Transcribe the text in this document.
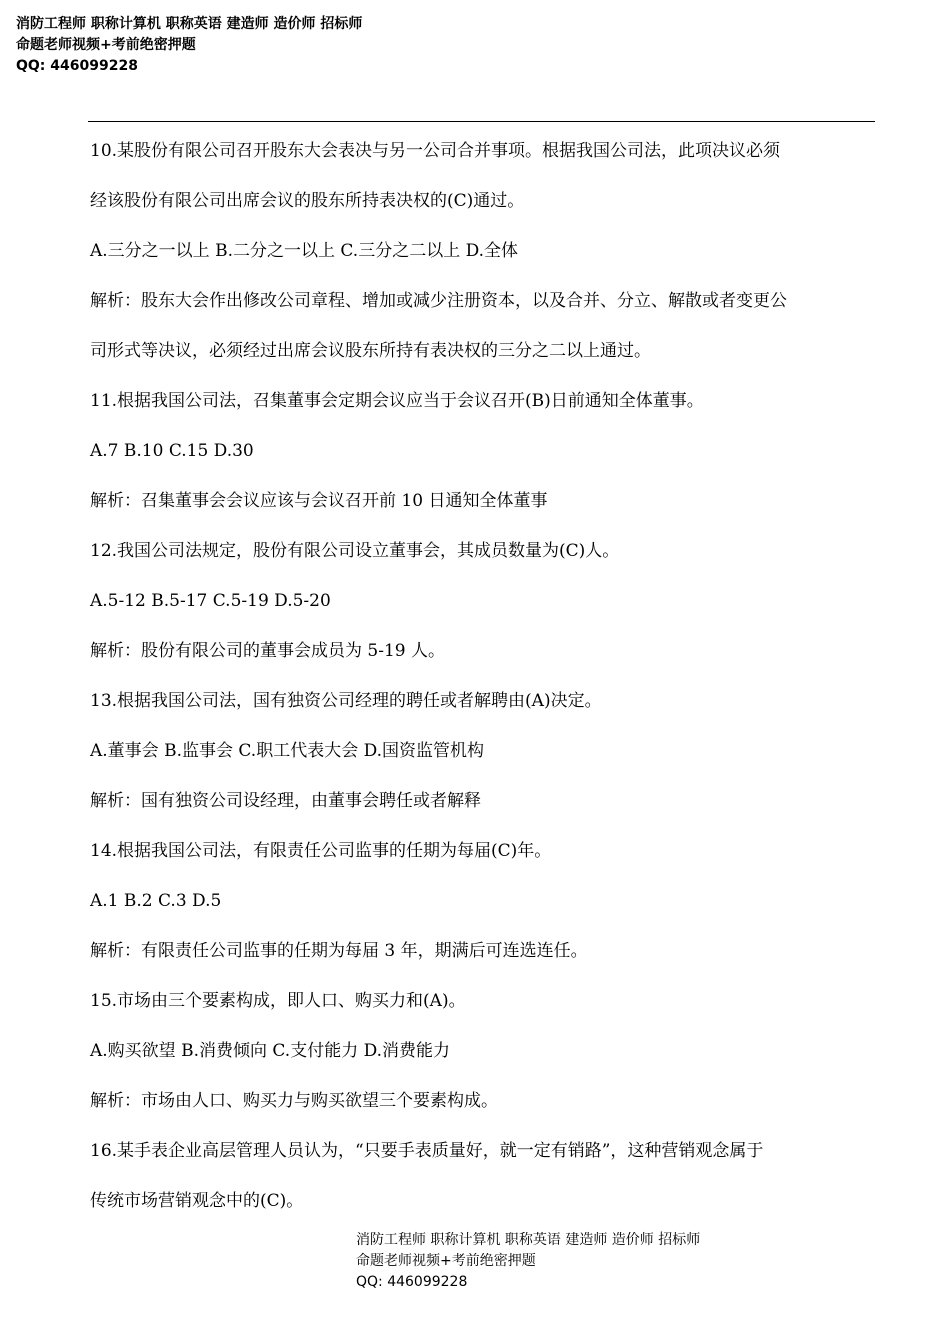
消防工程师 职称计算机 职称英语 建造师 造价师 招标师
命题老师视频+考前绝密押题
QQ: 446099228

10.某股份有限公司召开股东大会表决与另一公司合并事项。根据我国公司法，此项决议必须

经该股份有限公司出席会议的股东所持表决权的(C)通过。

A.三分之一以上 B.二分之一以上 C.三分之二以上 D.全体

解析：股东大会作出修改公司章程、增加或减少注册资本，以及合并、分立、解散或者变更公

司形式等决议，必须经过出席会议股东所持有表决权的三分之二以上通过。

11.根据我国公司法，召集董事会定期会议应当于会议召开(B)日前通知全体董事。

A.7 B.10 C.15 D.30

解析：召集董事会会议应该与会议召开前 10 日通知全体董事

12.我国公司法规定，股份有限公司设立董事会，其成员数量为(C)人。

A.5-12 B.5-17 C.5-19 D.5-20

解析：股份有限公司的董事会成员为 5-19 人。

13.根据我国公司法，国有独资公司经理的聘任或者解聘由(A)决定。

A.董事会 B.监事会 C.职工代表大会 D.国资监管机构

解析：国有独资公司设经理，由董事会聘任或者解释

14.根据我国公司法，有限责任公司监事的任期为每届(C)年。

A.1 B.2 C.3 D.5

解析：有限责任公司监事的任期为每届 3 年，期满后可连选连任。

15.市场由三个要素构成，即人口、购买力和(A)。

A.购买欲望 B.消费倾向 C.支付能力 D.消费能力

解析：市场由人口、购买力与购买欲望三个要素构成。

16.某手表企业高层管理人员认为，“只要手表质量好，就一定有销路”，这种营销观念属于

传统市场营销观念中的(C)。

消防工程师 职称计算机 职称英语 建造师 造价师 招标师
命题老师视频+考前绝密押题
QQ: 446099228
